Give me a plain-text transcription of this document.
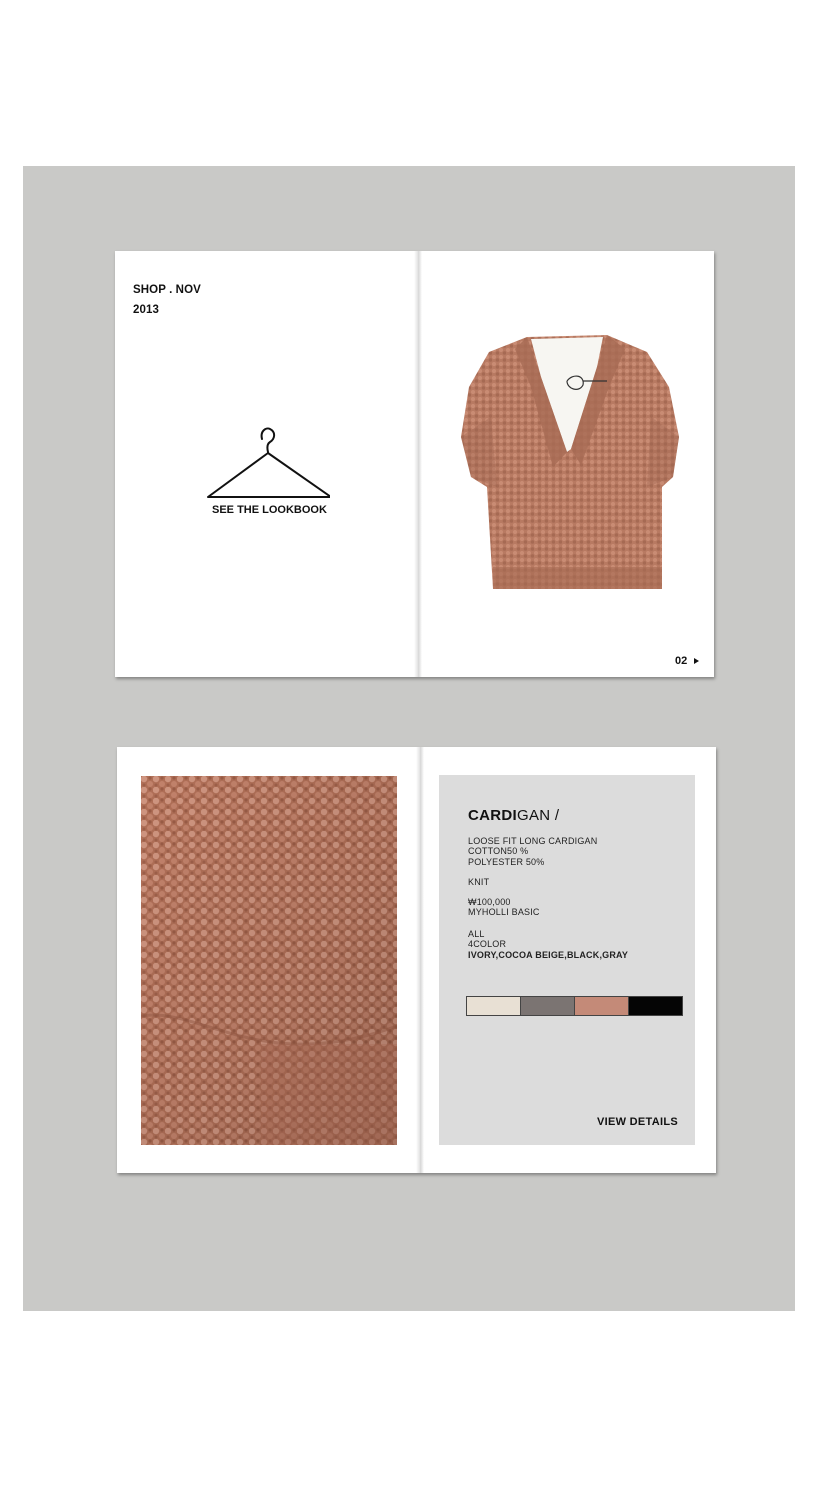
SHOP . NOV
2013
SEE THE LOOKBOOK
02
CARDIGAN /
LOOSE FIT LONG CARDIGAN
COTTON50 %
POLYESTER 50%
KNIT
₩100,000
MYHOLLI BASIC
ALL
4COLOR
IVORY,COCOA BEIGE,BLACK,GRAY
VIEW DETAILS
